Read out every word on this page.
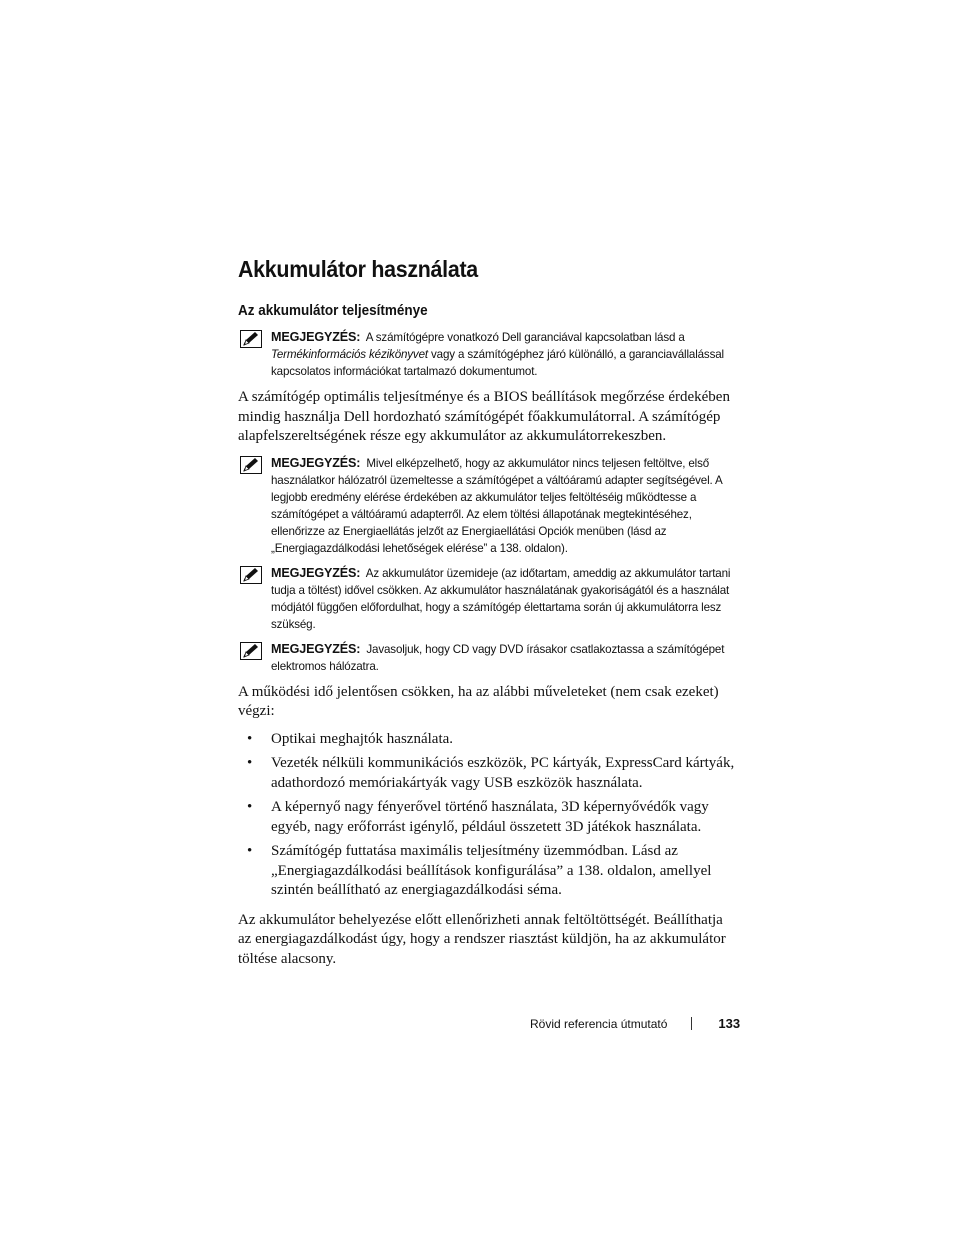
Akkumulátor használata
Az akkumulátor teljesítménye
MEGJEGYZÉS: A számítógépre vonatkozó Dell garanciával kapcsolatban lásd a Termékinformációs kézikönyvet vagy a számítógéphez járó különálló, a garanciavállalással kapcsolatos információkat tartalmazó dokumentumot.

A számítógép optimális teljesítménye és a BIOS beállítások megőrzése érdekében mindig használja Dell hordozható számítógépét főakkumulátorral. A számítógép alapfelszereltségének része egy akkumulátor az akkumulátorrekeszben.

MEGJEGYZÉS: Mivel elképzelhető, hogy az akkumulátor nincs teljesen feltöltve, első használatkor hálózatról üzemeltesse a számítógépet a váltóáramú adapter segítségével. A legjobb eredmény elérése érdekében az akkumulátor teljes feltöltéséig működtesse a számítógépet a váltóáramú adapterről. Az elem töltési állapotának megtekintéséhez, ellenőrizze az Energiaellátás jelzőt az Energiaellátási Opciók menüben (lásd az „Energiagazdálkodási lehetőségek elérése” a 138. oldalon).
MEGJEGYZÉS: Az akkumulátor üzemideje (az időtartam, ameddig az akkumulátor tartani tudja a töltést) idővel csökken. Az akkumulátor használatának gyakoriságától és a használat módjától függően előfordulhat, hogy a számítógép élettartama során új akkumulátorra lesz szükség.
MEGJEGYZÉS: Javasoljuk, hogy CD vagy DVD írásakor csatlakoztassa a számítógépet elektromos hálózatra.

A működési idő jelentősen csökken, ha az alábbi műveleteket (nem csak ezeket) végzi:

• Optikai meghajtók használata.
• Vezeték nélküli kommunikációs eszközök, PC kártyák, ExpressCard kártyák, adathordozó memóriakártyák vagy USB eszközök használata.
• A képernyő nagy fényerővel történő használata, 3D képernyővédők vagy egyéb, nagy erőforrást igénylő, például összetett 3D játékok használata.
• Számítógép futtatása maximális teljesítmény üzemmódban. Lásd az „Energiagazdálkodási beállítások konfigurálása” a 138. oldalon, amellyel szintén beállítható az energiagazdálkodási séma.

Az akkumulátor behelyezése előtt ellenőrizheti annak feltöltöttségét. Beállíthatja az energiagazdálkodást úgy, hogy a rendszer riasztást küldjön, ha az akkumulátor töltése alacsony.

Rövid referencia útmutató	133
